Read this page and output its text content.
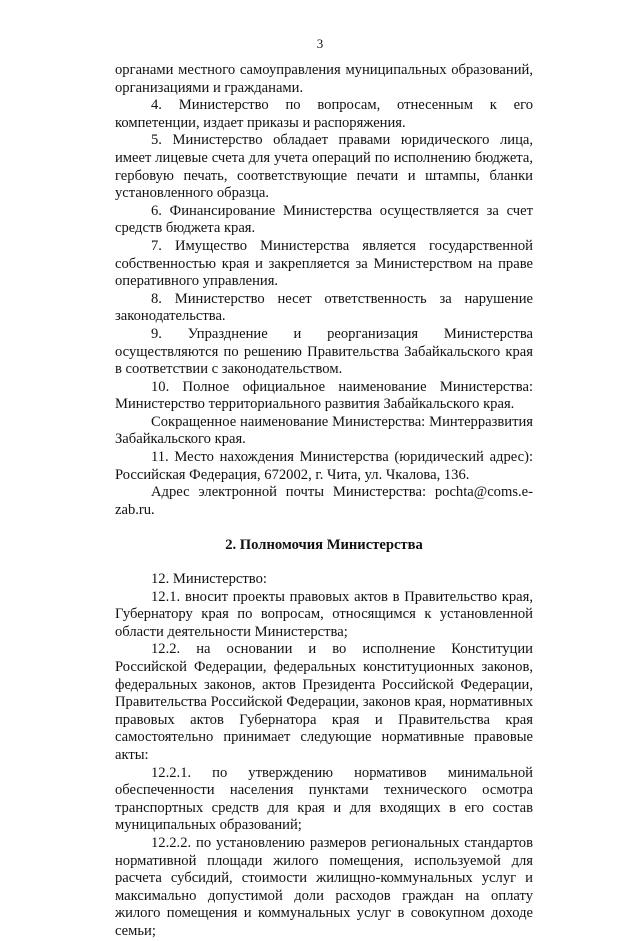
3

органами местного самоуправления муниципальных образований, организациями и гражданами.

4. Министерство по вопросам, отнесенным к его компетенции, издает приказы и распоряжения.

5. Министерство обладает правами юридического лица, имеет лицевые счета для учета операций по исполнению бюджета, гербовую печать, соответствующие печати и штампы, бланки установленного образца.

6. Финансирование Министерства осуществляется за счет средств бюджета края.

7. Имущество Министерства является государственной собственностью края и закрепляется за Министерством на праве оперативного управления.

8. Министерство несет ответственность за нарушение законодательства.

9. Упразднение и реорганизация Министерства осуществляются по решению Правительства Забайкальского края в соответствии с законодательством.

10. Полное официальное наименование Министерства: Министерство территориального развития Забайкальского края.

Сокращенное наименование Министерства: Минтерразвития Забайкальского края.

11. Место нахождения Министерства (юридический адрес): Российская Федерация, 672002, г. Чита, ул. Чкалова, 136.

Адрес электронной почты Министерства: pochta@coms.e-zab.ru.

2. Полномочия Министерства

12. Министерство:

12.1. вносит проекты правовых актов в Правительство края, Губернатору края по вопросам, относящимся к установленной области деятельности Министерства;

12.2. на основании и во исполнение Конституции Российской Федерации, федеральных конституционных законов, федеральных законов, актов Президента Российской Федерации, Правительства Российской Федерации, законов края, нормативных правовых актов Губернатора края и Правительства края самостоятельно принимает следующие нормативные правовые акты:

12.2.1. по утверждению нормативов минимальной обеспеченности населения пунктами технического осмотра транспортных средств для края и для входящих в его состав муниципальных образований;

12.2.2. по установлению размеров региональных стандартов нормативной площади жилого помещения, используемой для расчета субсидий, стоимости жилищно-коммунальных услуг и максимально допустимой доли расходов граждан на оплату жилого помещения и коммунальных услуг в совокупном доходе семьи;
